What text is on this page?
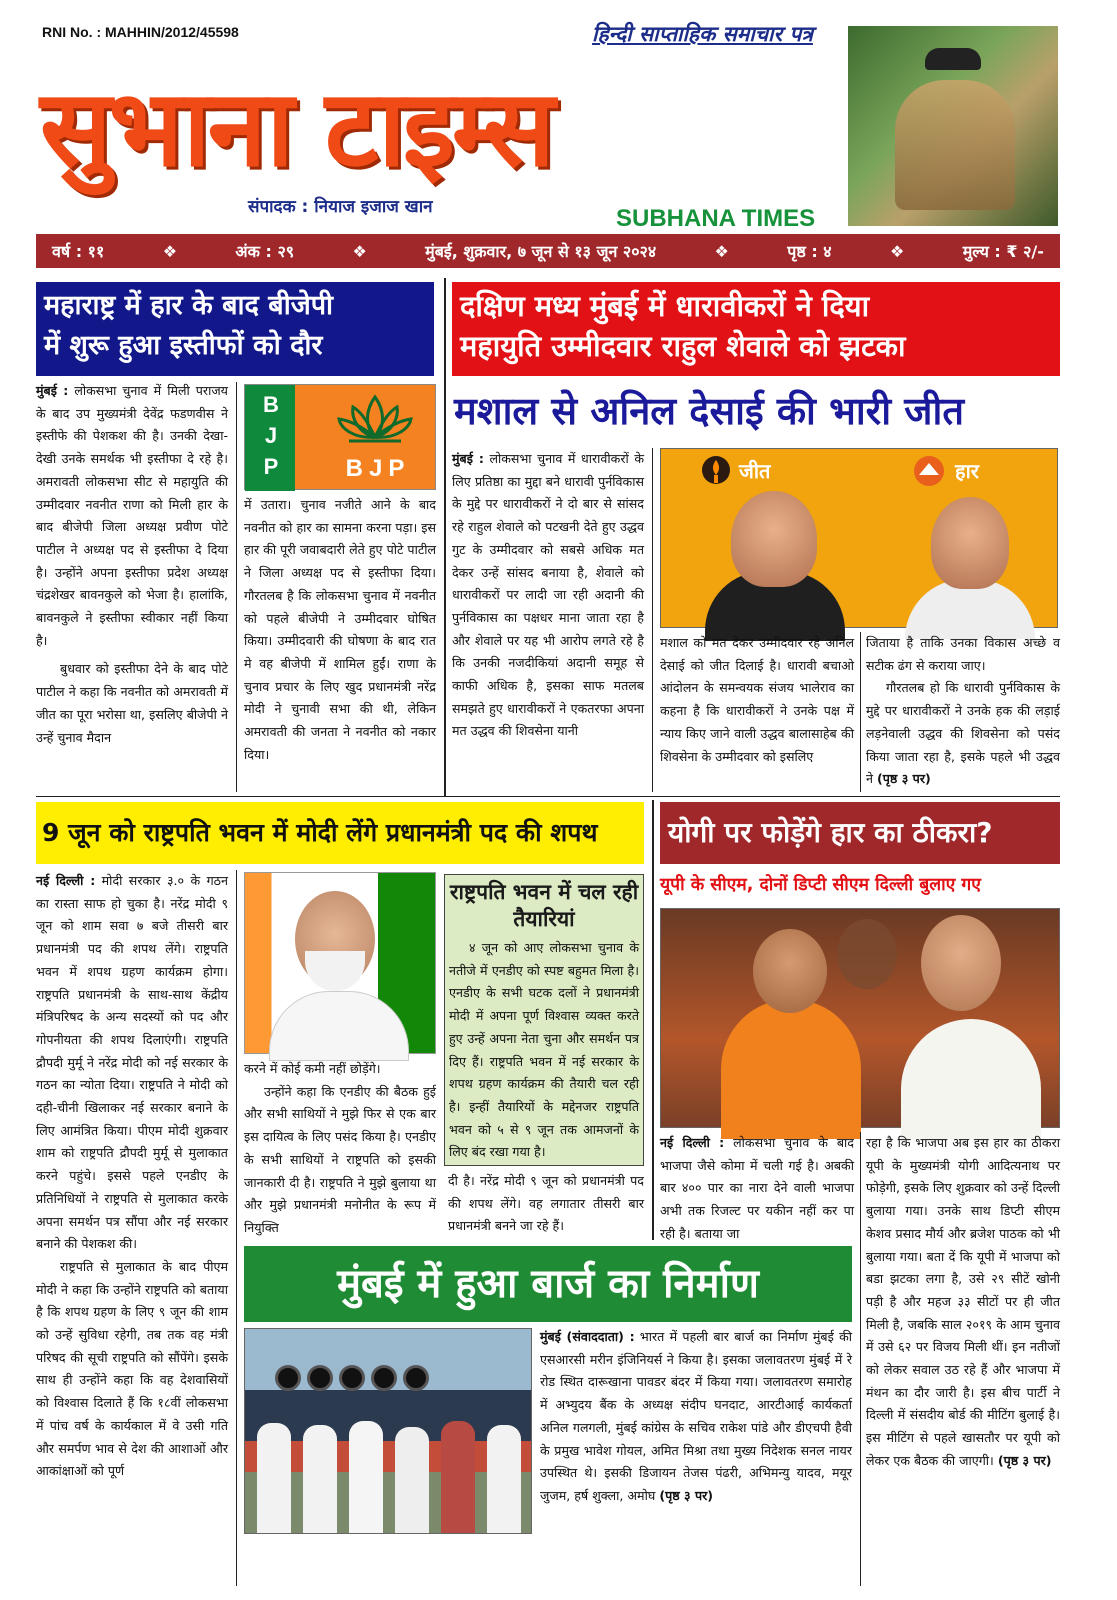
RNI No. : MAHHIN/2012/45598	हिन्दी साप्ताहिक समाचार पत्र
सुभाना टाइम्स
संपादक : नियाज इजाज खान	SUBHANA TIMES
वर्ष : ११	❖	अंक : २९	❖	मुंबई, शुक्रवार, ७ जून से १३ जून २०२४	❖	पृष्ठ : ४	❖	मुल्य : ₹ २/-
महाराष्ट्र में हार के बाद बीजेपी
में शुरू हुआ इस्तीफों को दौर

मुंबई : लोकसभा चुनाव में मिली पराजय के बाद उप मुख्यमंत्री देवेंद्र फडणवीस ने इस्तीफे की पेशकश की है। उनकी देखा-देखी उनके समर्थक भी इस्तीफा दे रहे है। अमरावती लोकसभा सीट से महायुति की उम्मीदवार नवनीत राणा को मिली हार के बाद बीजेपी जिला अध्यक्ष प्रवीण पोटे पाटील ने अध्यक्ष पद से इस्तीफा दे दिया है। उन्होंने अपना इस्तीफा प्रदेश अध्यक्ष चंद्रशेखर बावनकुले को भेजा है। हालांकि, बावनकुले ने इस्तीफा स्वीकार नहीं किया है।

बुधवार को इस्तीफा देने के बाद पोटे पाटील ने कहा कि नवनीत को अमरावती में जीत का पूरा भरोसा था, इसलिए बीजेपी ने उन्हें चुनाव मैदान

B
J
P	BJP
में उतारा। चुनाव नजीते आने के बाद नवनीत को हार का सामना करना पड़ा। इस हार की पूरी जवाबदारी लेते हुए पोटे पाटील ने जिला अध्यक्ष पद से इस्तीफा दिया। गौरतलब है कि लोकसभा चुनाव में नवनीत को पहले बीजेपी ने उम्मीदवार घोषित किया। उम्मीदवारी की घोषणा के बाद रात मे वह बीजेपी में शामिल हुईं। राणा के चुनाव प्रचार के लिए खुद प्रधानमंत्री नरेंद्र मोदी ने चुनावी सभा की थी, लेकिन अमरावती की जनता ने नवनीत को नकार दिया।
दक्षिण मध्य मुंबई में धारावीकरों ने दिया
महायुति उम्मीदवार राहुल शेवाले को झटका
मशाल से अनिल देसाई की भारी जीत

मुंबई : लोकसभा चुनाव में धारावीकरों के लिए प्रतिष्ठा का मुद्दा बने धारावी पुर्नविकास के मुद्दे पर धारावीकरों ने दो बार से सांसद रहे राहुल शेवाले को पटखनी देते हुए उद्धव गुट के उम्मीदवार को सबसे अधिक मत देकर उन्हें सांसद बनाया है, शेवाले को धारावीकरों पर लादी जा रही अदानी की पुर्नविकास का पक्षधर माना जाता रहा है और शेवाले पर यह भी आरोप लगते रहे है कि उनकी नजदीकियां अदानी समूह से काफी अधिक है, इसका साफ मतलब समझते हुए धारावीकरों ने एकतरफा अपना मत उद्धव की शिवसेना यानी

जीत	हार
मशाल को मत देकर उम्मीदवार रहे अनिल देसाई को जीत दिलाई है। धारावी बचाओ आंदोलन के समन्वयक संजय भालेराव का कहना है कि धारावीकरों ने उनके पक्ष में न्याय किए जाने वाली उद्धव बालासाहेब की शिवसेना के उम्मीदवार को इसलिए

जिताया है ताकि उनका विकास अच्छे व सटीक ढंग से कराया जाए।

गौरतलब हो कि धारावी पुर्नविकास के मुद्दे पर धारावीकरों ने उनके हक की लड़ाई लड़नेवाली उद्धव की शिवसेना को पसंद किया जाता रहा है, इसके पहले भी उद्धव ने (पृष्ठ ३ पर)

9 जून को राष्ट्रपति भवन में मोदी लेंगे प्रधानमंत्री पद की शपथ

नई दिल्ली : मोदी सरकार ३.० के गठन का रास्ता साफ हो चुका है। नरेंद्र मोदी ९ जून को शाम सवा ७ बजे तीसरी बार प्रधानमंत्री पद की शपथ लेंगे। राष्ट्रपति भवन में शपथ ग्रहण कार्यक्रम होगा। राष्ट्रपति प्रधानमंत्री के साथ-साथ केंद्रीय मंत्रिपरिषद के अन्य सदस्यों को पद और गोपनीयता की शपथ दिलाएंगी। राष्ट्रपति द्रौपदी मुर्मू ने नरेंद्र मोदी को नई सरकार के गठन का न्योता दिया। राष्ट्रपति ने मोदी को दही-चीनी खिलाकर नई सरकार बनाने के लिए आमंत्रित किया। पीएम मोदी शुक्रवार शाम को राष्ट्रपति द्रौपदी मुर्मू से मुलाकात करने पहुंचे। इससे पहले एनडीए के प्रतिनिधियों ने राष्ट्रपति से मुलाकात करके अपना समर्थन पत्र सौंपा और नई सरकार बनाने की पेशकश की।

राष्ट्रपति से मुलाकात के बाद पीएम मोदी ने कहा कि उन्होंने राष्ट्रपति को बताया है कि शपथ ग्रहण के लिए ९ जून की शाम को उन्हें सुविधा रहेगी, तब तक वह मंत्री परिषद की सूची राष्ट्रपति को सौंपेंगे। इसके साथ ही उन्होंने कहा कि वह देशवासियों को विश्वास दिलाते हैं कि १८वीं लोकसभा में पांच वर्ष के कार्यकाल में वे उसी गति और समर्पण भाव से देश की आशाओं और आकांक्षाओं को पूर्ण

करने में कोई कमी नहीं छोड़ेंगे।

उन्होंने कहा कि एनडीए की बैठक हुई और सभी साथियों ने मुझे फिर से एक बार इस दायित्व के लिए पसंद किया है। एनडीए के सभी साथियों ने राष्ट्रपति को इसकी जानकारी दी है। राष्ट्रपति ने मुझे बुलाया था और मुझे प्रधानमंत्री मनोनीत के रूप में नियुक्ति

राष्ट्रपति भवन में चल रही तैयारियां
४ जून को आए लोकसभा चुनाव के नतीजे में एनडीए को स्पष्ट बहुमत मिला है। एनडीए के सभी घटक दलों ने प्रधानमंत्री मोदी में अपना पूर्ण विश्वास व्यक्त करते हुए उन्हें अपना नेता चुना और समर्थन पत्र दिए हैं। राष्ट्रपति भवन में नई सरकार के शपथ ग्रहण कार्यक्रम की तैयारी चल रही है। इन्हीं तैयारियों के मद्देनजर राष्ट्रपति भवन को ५ से ९ जून तक आमजनों के लिए बंद रखा गया है।
दी है। नरेंद्र मोदी ९ जून को प्रधानमंत्री पद की शपथ लेंगे। वह लगातार तीसरी बार प्रधानमंत्री बनने जा रहे हैं।
योगी पर फोड़ेंगे हार का ठीकरा?
यूपी के सीएम, दोनों डिप्टी सीएम दिल्ली बुलाए गए

नई दिल्ली : लोकसभा चुनाव के बाद भाजपा जैसे कोमा में चली गई है। अबकी बार ४०० पार का नारा देने वाली भाजपा अभी तक रिजल्ट पर यकीन नहीं कर पा रही है। बताया जा

रहा है कि भाजपा अब इस हार का ठीकरा यूपी के मुख्यमंत्री योगी आदित्यनाथ पर फोड़ेगी, इसके लिए शुक्रवार को उन्हें दिल्ली बुलाया गया। उनके साथ डिप्टी सीएम केशव प्रसाद मौर्य और ब्रजेश पाठक को भी बुलाया गया। बता दें कि यूपी में भाजपा को बडा झटका लगा है, उसे २९ सीटें खोनी पड़ी है और महज ३३ सीटों पर ही जीत मिली है, जबकि साल २०१९ के आम चुनाव में उसे ६२ पर विजय मिली थीं। इन नतीजों को लेकर सवाल उठ रहे हैं और भाजपा में मंथन का दौर जारी है। इस बीच पार्टी ने दिल्ली में संसदीय बोर्ड की मीटिंग बुलाई है। इस मीटिंग से पहले खासतौर पर यूपी को लेकर एक बैठक की जाएगी। (पृष्ठ ३ पर)
मुंबई में हुआ बार्ज का निर्माण
मुंबई (संवाददाता) : भारत में पहली बार बार्ज का निर्माण मुंबई की एसआरसी मरीन इंजिनियर्स ने किया है। इसका जलावतरण मुंबई में रे रोड स्थित दारूखाना पावडर बंदर में किया गया। जलावतरण समारोह में अभ्युदय बैंक के अध्यक्ष संदीप घनदाट, आरटीआई कार्यकर्ता अनिल गलगली, मुंबई कांग्रेस के सचिव राकेश पांडे और डीएचपी हैवी के प्रमुख भावेश गोयल, अमित मिश्रा तथा मुख्य निदेशक सनल नायर उपस्थित थे। इसकी डिजायन तेजस पंढरी, अभिमन्यु यादव, मयूर जुजम, हर्ष शुक्ला, अमोघ (पृष्ठ ३ पर)
